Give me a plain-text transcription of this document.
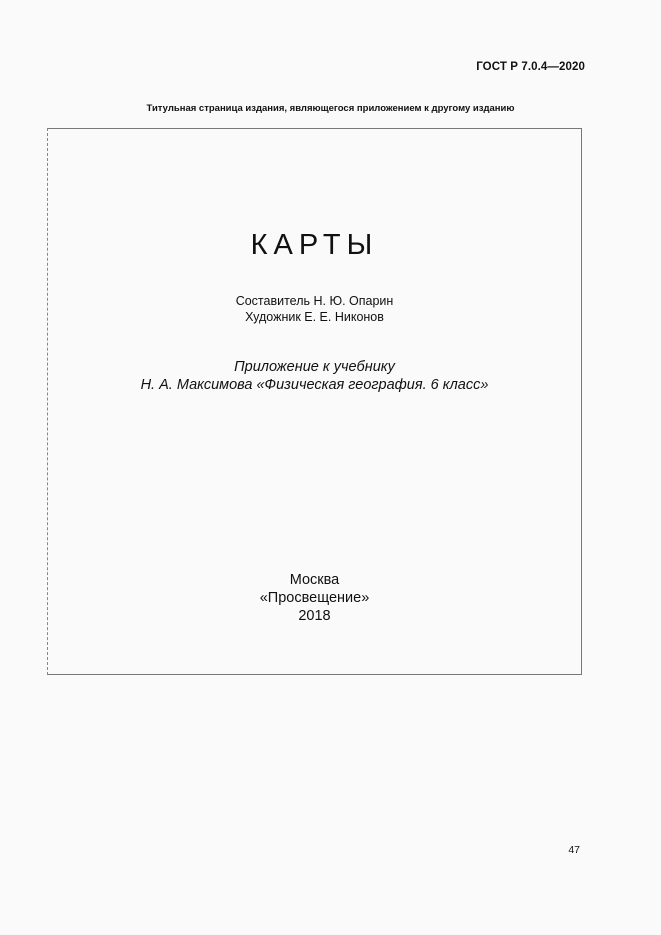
ГОСТ Р 7.0.4—2020
Титульная страница издания, являющегося приложением к другому изданию
КАРТЫ
Составитель Н. Ю. Опарин
Художник Е. Е. Никонов
Приложение к учебнику
Н. А. Максимова «Физическая география. 6 класс»
Москва
«Просвещение»
2018
47
